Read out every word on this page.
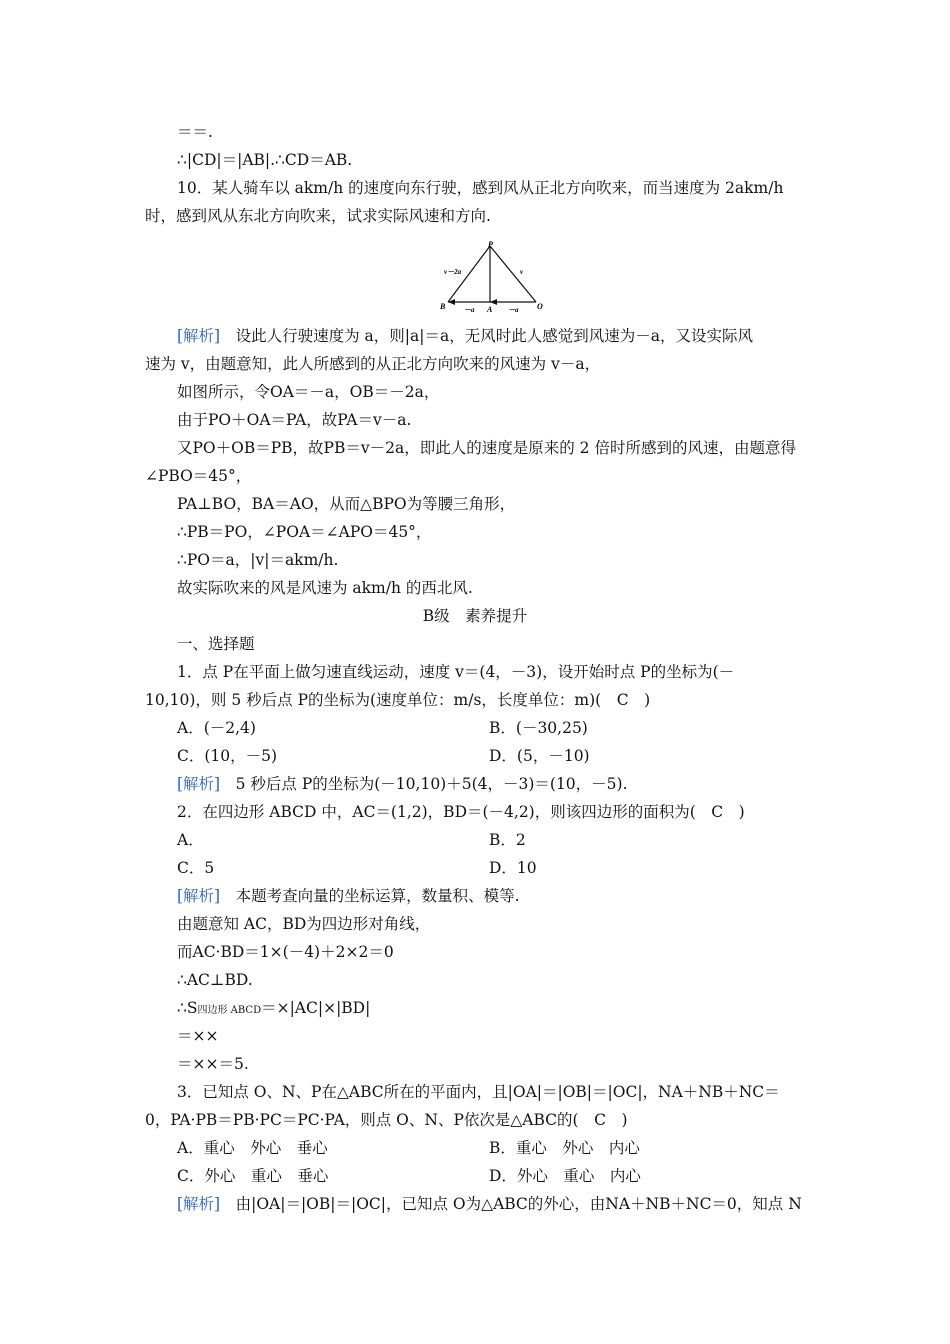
＝＝.
∴|CD|＝|AB|.∴CD＝AB.
10．某人骑车以 akm/h 的速度向东行驶，感到风从正北方向吹来，而当速度为 2akm/h
时，感到风从东北方向吹来，试求实际风速和方向.
P
B	A	O
v－2a	v
－a	－a
[解析]　设此人行驶速度为 a，则|a|＝a，无风时此人感觉到风速为－a，又设实际风
速为 v，由题意知，此人所感到的从正北方向吹来的风速为 v－a，
如图所示，令OA＝－a，OB＝－2a，
由于PO＋OA＝PA，故PA＝v－a.
又PO＋OB＝PB，故PB＝v－2a，即此人的速度是原来的 2 倍时所感到的风速，由题意得
∠PBO＝45°，
PA⊥BO，BA＝AO，从而△BPO为等腰三角形，
∴PB＝PO，∠POA＝∠APO＝45°，
∴PO＝a，|v|＝akm/h.
故实际吹来的风是风速为 akm/h 的西北风.
B级　素养提升
一、选择题
1．点 P在平面上做匀速直线运动，速度 v＝(4，－3)，设开始时点 P的坐标为(－
10,10)，则 5 秒后点 P的坐标为(速度单位：m/s，长度单位：m)(　C　)
A．(－2,4)	B．(－30,25)
C．(10，－5)	D．(5，－10)
[解析]　5 秒后点 P的坐标为(－10,10)＋5(4，－3)＝(10，－5).
2．在四边形 ABCD 中，AC＝(1,2)，BD＝(－4,2)，则该四边形的面积为(　C　)
A．	B．2
C．5	D．10
[解析]　本题考查向量的坐标运算，数量积、模等.
由题意知 AC，BD为四边形对角线，
而AC·BD＝1×(－4)＋2×2＝0
∴AC⊥BD.
∴S四边形 ABCD＝×|AC|×|BD|
＝××
＝××＝5.
3．已知点 O、N、P在△ABC所在的平面内，且|OA|＝|OB|＝|OC|，NA＋NB＋NC＝
0，PA·PB＝PB·PC＝PC·PA，则点 O、N、P依次是△ABC的(　C　)
A．重心　外心　垂心	B．重心　外心　内心
C．外心　重心　垂心	D．外心　重心　内心
[解析]　由|OA|＝|OB|＝|OC|，已知点 O为△ABC的外心，由NA＋NB＋NC＝0，知点 N
